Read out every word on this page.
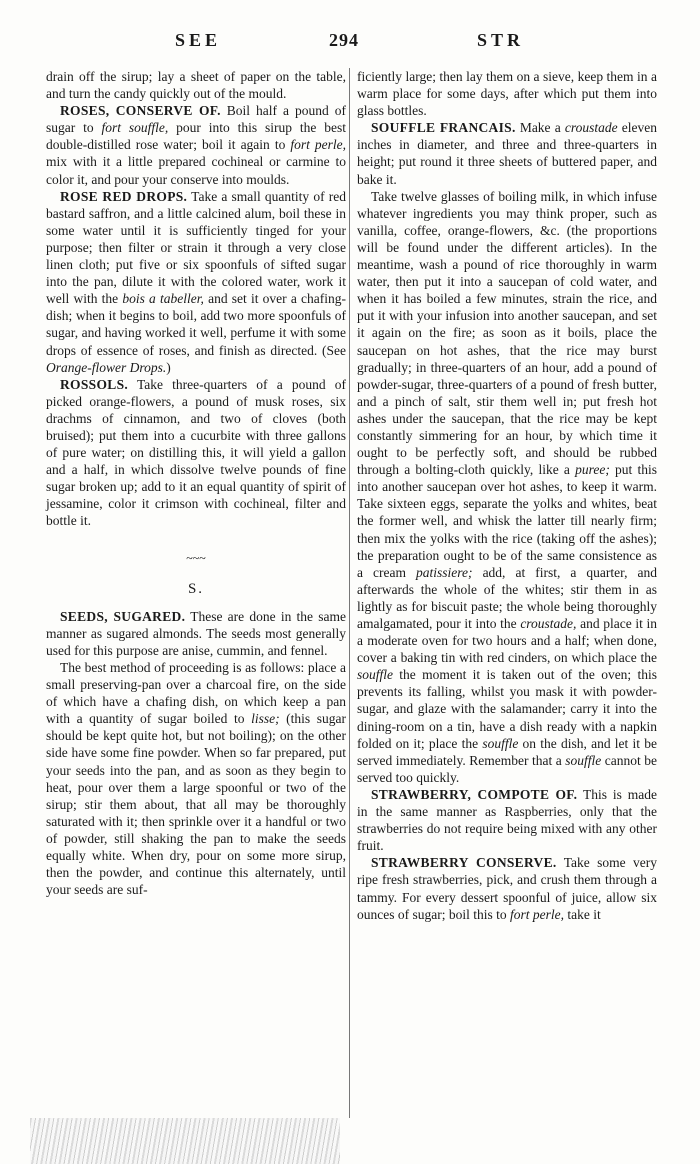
SEE	294	STR

drain off the sirup; lay a sheet of paper on the table, and turn the candy quickly out of the mould.

ROSES, CONSERVE OF. Boil half a pound of sugar to fort souffle, pour into this sirup the best double-distilled rose water; boil it again to fort perle, mix with it a little prepared cochineal or carmine to color it, and pour your conserve into moulds.

ROSE RED DROPS. Take a small quantity of red bastard saffron, and a little calcined alum, boil these in some water until it is sufficiently tinged for your purpose; then filter or strain it through a very close linen cloth; put five or six spoonfuls of sifted sugar into the pan, dilute it with the colored water, work it well with the bois a tabeller, and set it over a chafing-dish; when it begins to boil, add two more spoonfuls of sugar, and having worked it well, perfume it with some drops of essence of roses, and finish as directed. (See Orange-flower Drops.)

ROSSOLS. Take three-quarters of a pound of picked orange-flowers, a pound of musk roses, six drachms of cinnamon, and two of cloves (both bruised); put them into a cucurbite with three gallons of pure water; on distilling this, it will yield a gallon and a half, in which dissolve twelve pounds of fine sugar broken up; add to it an equal quantity of spirit of jessamine, color it crimson with cochineal, filter and bottle it.

~~~
S.

SEEDS, SUGARED. These are done in the same manner as sugared almonds. The seeds most generally used for this purpose are anise, cummin, and fennel.

The best method of proceeding is as follows: place a small preserving-pan over a charcoal fire, on the side of which have a chafing dish, on which keep a pan with a quantity of sugar boiled to lisse; (this sugar should be kept quite hot, but not boiling); on the other side have some fine powder. When so far prepared, put your seeds into the pan, and as soon as they begin to heat, pour over them a large spoonful or two of the sirup; stir them about, that all may be thoroughly saturated with it; then sprinkle over it a handful or two of powder, still shaking the pan to make the seeds equally white. When dry, pour on some more sirup, then the powder, and continue this alternately, until your seeds are suf-

ficiently large; then lay them on a sieve, keep them in a warm place for some days, after which put them into glass bottles.

SOUFFLE FRANCAIS. Make a croustade eleven inches in diameter, and three and three-quarters in height; put round it three sheets of buttered paper, and bake it.

Take twelve glasses of boiling milk, in which infuse whatever ingredients you may think proper, such as vanilla, coffee, orange-flowers, &c. (the proportions will be found under the different articles). In the meantime, wash a pound of rice thoroughly in warm water, then put it into a saucepan of cold water, and when it has boiled a few minutes, strain the rice, and put it with your infusion into another saucepan, and set it again on the fire; as soon as it boils, place the saucepan on hot ashes, that the rice may burst gradually; in three-quarters of an hour, add a pound of powder-sugar, three-quarters of a pound of fresh butter, and a pinch of salt, stir them well in; put fresh hot ashes under the saucepan, that the rice may be kept constantly simmering for an hour, by which time it ought to be perfectly soft, and should be rubbed through a bolting-cloth quickly, like a puree; put this into another saucepan over hot ashes, to keep it warm. Take sixteen eggs, separate the yolks and whites, beat the former well, and whisk the latter till nearly firm; then mix the yolks with the rice (taking off the ashes); the preparation ought to be of the same consistence as a cream patissiere; add, at first, a quarter, and afterwards the whole of the whites; stir them in as lightly as for biscuit paste; the whole being thoroughly amalgamated, pour it into the croustade, and place it in a moderate oven for two hours and a half; when done, cover a baking tin with red cinders, on which place the souffle the moment it is taken out of the oven; this prevents its falling, whilst you mask it with powder-sugar, and glaze with the salamander; carry it into the dining-room on a tin, have a dish ready with a napkin folded on it; place the souffle on the dish, and let it be served immediately. Remember that a souffle cannot be served too quickly.

STRAWBERRY, COMPOTE OF. This is made in the same manner as Raspberries, only that the strawberries do not require being mixed with any other fruit.

STRAWBERRY CONSERVE. Take some very ripe fresh strawberries, pick, and crush them through a tammy. For every dessert spoonful of juice, allow six ounces of sugar; boil this to fort perle, take it
